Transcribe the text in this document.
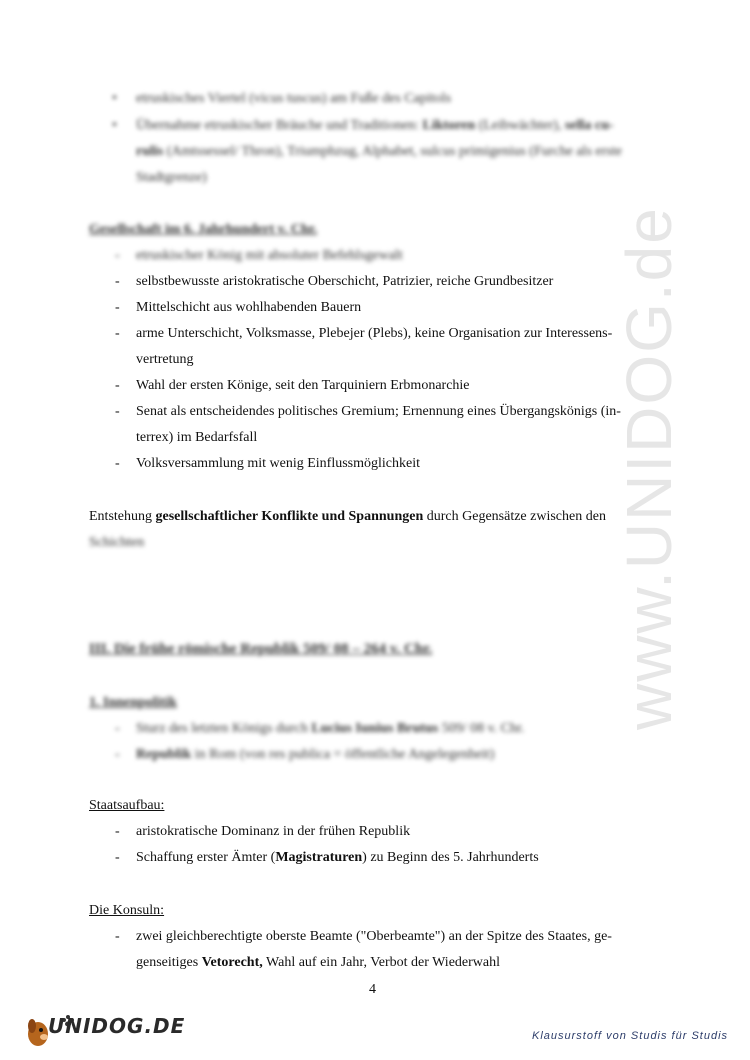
www.UNIDOG.de
• etruskisches Viertel (vicus tuscus) am Fuße des Capitols
• Übernahme etruskischer Bräuche und Traditionen: Liktoren (Leibwächter), sella cu-
rulis (Amtssessel/ Thron), Triumphzug, Alphabet, sulcus primigenius (Furche als erste
Stadtgrenze)
Gesellschaft im 6. Jahrhundert v. Chr.
- etruskischer König mit absoluter Befehlsgewalt
- selbstbewusste aristokratische Oberschicht, Patrizier, reiche Grundbesitzer
- Mittelschicht aus wohlhabenden Bauern
- arme Unterschicht, Volksmasse, Plebejer (Plebs), keine Organisation zur Interessens-
vertretung
- Wahl der ersten Könige, seit den Tarquiniern Erbmonarchie
- Senat als entscheidendes politisches Gremium; Ernennung eines Übergangskönigs (in-
terrex) im Bedarfsfall
- Volksversammlung mit wenig Einflussmöglichkeit
Entstehung gesellschaftlicher Konflikte und Spannungen durch Gegensätze zwischen den
Schichten
III. Die frühe römische Republik 509/ 08 – 264 v. Chr.
1. Innenpolitik
- Sturz des letzten Königs durch Lucius Iunius Brutus 509/ 08 v. Chr.
- Republik in Rom (von res publica = öffentliche Angelegenheit)
Staatsaufbau:
- aristokratische Dominanz in der frühen Republik
- Schaffung erster Ämter (Magistraturen) zu Beginn des 5. Jahrhunderts
Die Konsuln:
- zwei gleichberechtigte oberste Beamte ("Oberbeamte") an der Spitze des Staates, ge-
genseitiges Vetorecht, Wahl auf ein Jahr, Verbot der Wiederwahl
4
UNIDOG.DE	Klausurstoff von Studis für Studis
